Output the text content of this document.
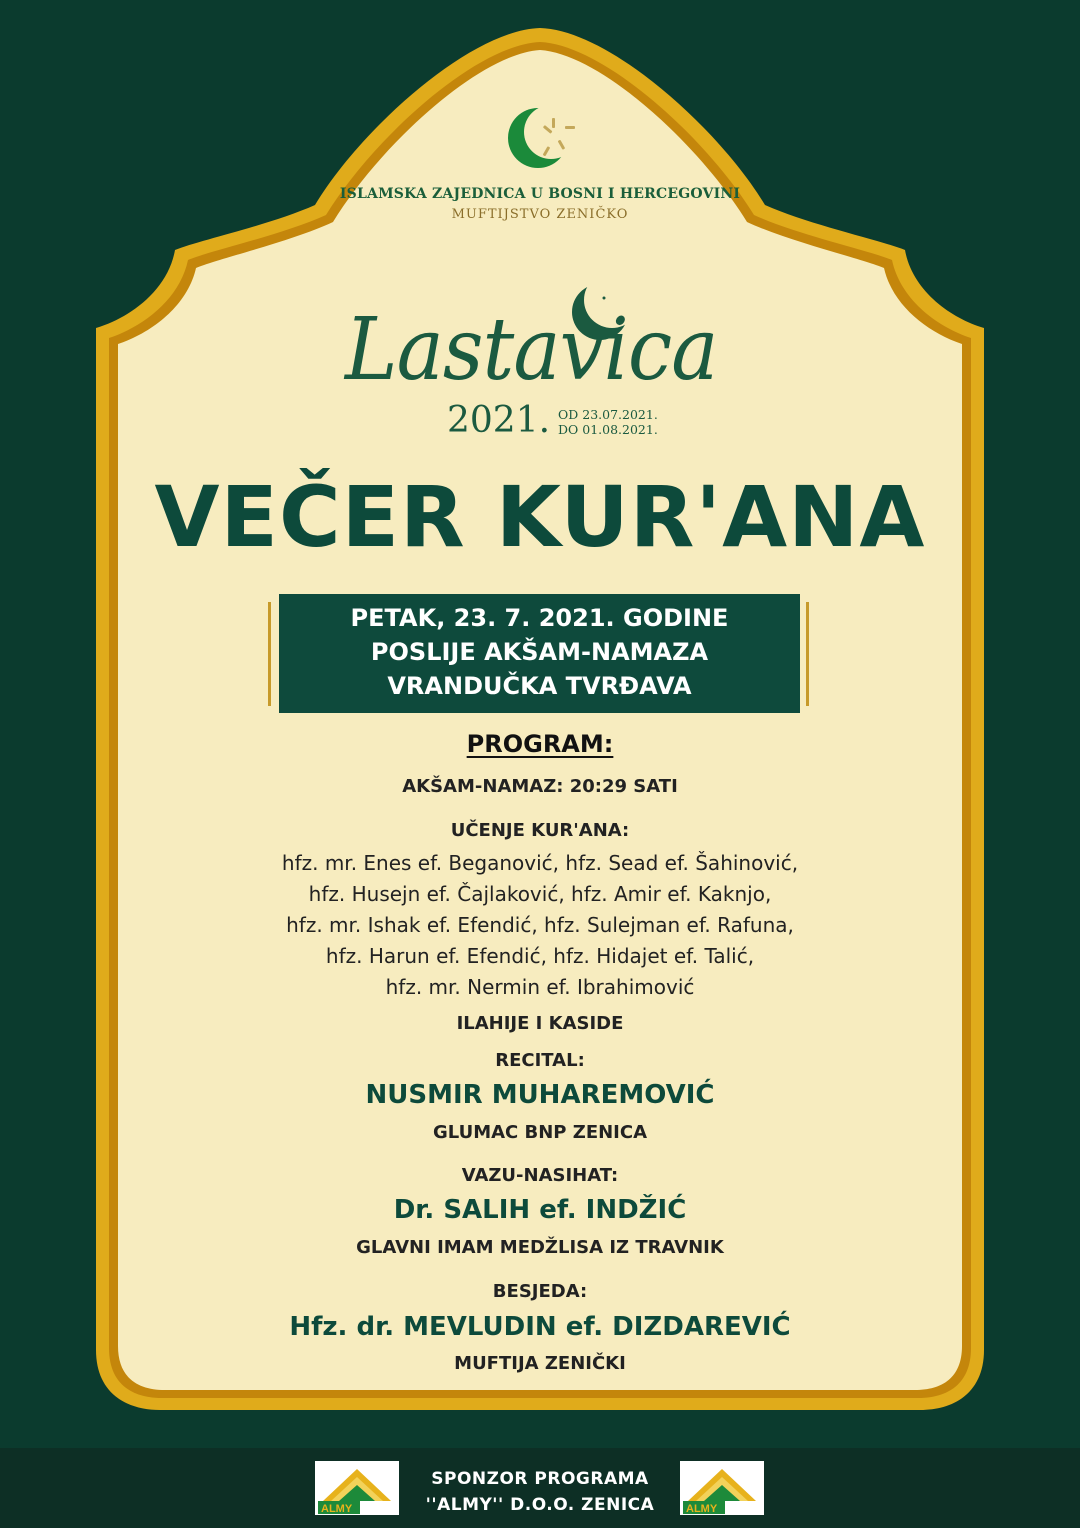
ISLAMSKA ZAJEDNICA U BOSNI I HERCEGOVINI
MUFTIJSTVO ZENIČKO
Lastavica
2021. OD 23.07.2021.
DO 01.08.2021.
VEČER KUR'ANA
PETAK, 23. 7. 2021. GODINE
POSLIJE AKŠAM-NAMAZA
VRANDUČKA TVRĐAVA
PROGRAM:
AKŠAM-NAMAZ: 20:29 SATI
UČENJE KUR'ANA:
hfz. mr. Enes ef. Beganović, hfz. Sead ef. Šahinović,
hfz. Husejn ef. Čajlaković, hfz. Amir ef. Kaknjo,
hfz. mr. Ishak ef. Efendić, hfz. Sulejman ef. Rafuna,
hfz. Harun ef. Efendić, hfz. Hidajet ef. Talić,
hfz. mr. Nermin ef. Ibrahimović
ILAHIJE I KASIDE
RECITAL:
NUSMIR MUHAREMOVIĆ
GLUMAC BNP ZENICA
VAZU-NASIHAT:
Dr. SALIH ef. INDŽIĆ
GLAVNI IMAM MEDŽLISA IZ TRAVNIK
BESJEDA:
Hfz. dr. MEVLUDIN ef. DIZDAREVIĆ
MUFTIJA ZENIČKI
ALMY
SPONZOR PROGRAMA
''ALMY'' D.O.O. ZENICA	ALMY
